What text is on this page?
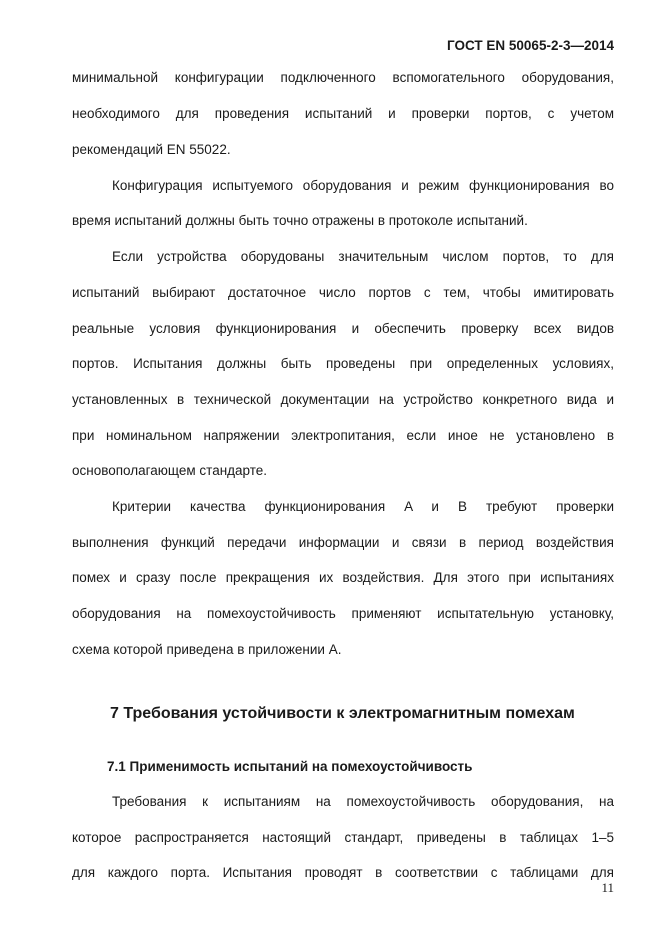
ГОСТ EN 50065-2-3—2014
минимальной конфигурации подключенного вспомогательного оборудования,
необходимого для проведения испытаний и проверки портов, с учетом
рекомендаций EN 55022.
Конфигурация испытуемого оборудования и режим функционирования во
время испытаний должны быть точно отражены в протоколе испытаний.
Если устройства оборудованы значительным числом портов, то для
испытаний выбирают достаточное число портов с тем, чтобы имитировать
реальные условия функционирования и обеспечить проверку всех видов
портов. Испытания должны быть проведены при определенных условиях,
установленных в технической документации на устройство конкретного вида и
при номинальном напряжении электропитания, если иное не установлено в
основополагающем стандарте.
Критерии качества функционирования A и B требуют проверки
выполнения функций передачи информации и связи в период воздействия
помех и сразу после прекращения их воздействия. Для этого при испытаниях
оборудования на помехоустойчивость применяют испытательную установку,
схема которой приведена в приложении А.
7 Требования устойчивости к электромагнитным помехам
7.1 Применимость испытаний на помехоустойчивость
Требования к испытаниям на помехоустойчивость оборудования, на
которое распространяется настоящий стандарт, приведены в таблицах 1–5
для каждого порта. Испытания проводят в соответствии с таблицами для
11
